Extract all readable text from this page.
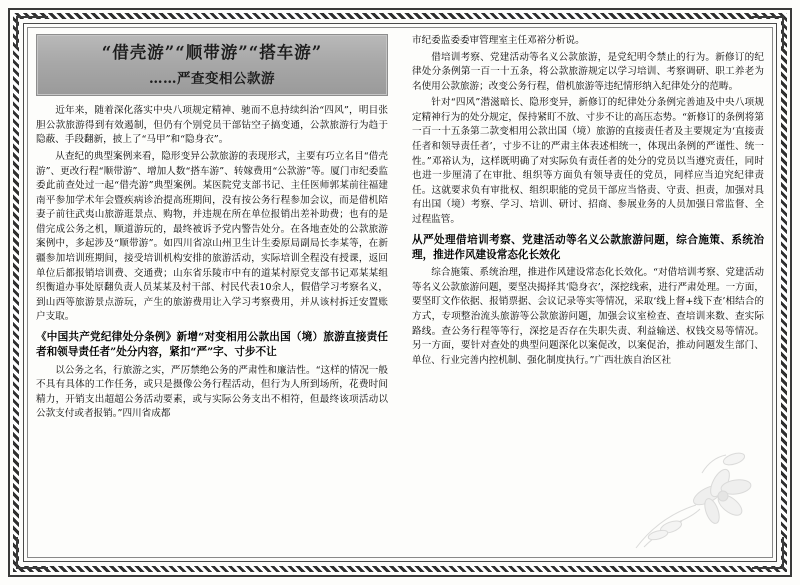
“借壳游”“顺带游”“搭车游”
……严查变相公款游

近年来，随着深化落实中央八项规定精神、驰而不息持续纠治“四风”，明目张胆公款旅游得到有效遏制，但仍有个别党员干部钻空子搞变通，公款旅游行为趋于隐蔽、手段翻新，披上了“马甲”和“隐身衣”。

从查纪的典型案例来看，隐形变异公款旅游的表现形式，主要有巧立名目“借壳游”、更改行程“顺带游”、增加人数“搭车游”、转嫁费用“公款游”等。厦门市纪委监委此前查处过一起“借壳游”典型案例。某医院党支部书记、主任医师郭某前往福建南平参加学术年会暨疾病诊治提高班期间，没有按公务行程参加会议，而是借机陪妻子前往武夷山旅游逛景点、购物，并违规在所在单位报销出差补助费；也有的是借完成公务之机，顺道游玩的，最终被诉予党内警告处分。在各地查处的公款旅游案例中，多起涉及“顺带游”。如四川省凉山州卫生计生委原局副局长李某等，在新疆参加培训班期间，接受培训机构安排的旅游活动，实际培训全程没有授课，返回单位后都报销培训费、交通费；山东省乐陵市中有的道某村原党支部书记邓某某组织衡道办事处原翻负责人员某某及村干部、村民代表10余人，假借学习考察名义，到山西等旅游景点游玩，产生的旅游费用让入学习考察费用，并从该村拆迁安置账户支取。

《中国共产党纪律处分条例》新增“对变相用公款出国（境）旅游直接责任者和领导责任者”处分内容，紧扣“严”字、寸步不让

以公务之名，行旅游之实，严厉禁绝公务的严肃性和廉洁性。“这样的情况一般不具有具体的工作任务，或只是摄像公务行程活动，但行为人所到场所，花费时间精力，开销支出超超公务活动要素，或与实际公务支出不相符，但最终该项活动以公款支付或者报销。”四川省成都

市纪委监委委审管理室主任邓裕分析说。

借培训考察、党建活动等名义公款旅游，是党纪明令禁止的行为。新修订的纪律处分条例第一百一十五条，将公款旅游规定以学习培训、考察调研、职工养老为名使用公款旅游；改变公务行程，借机旅游等违纪情形纳入纪律处分的范畴。

针对“四风”潜滋暗长、隐形变异，新修订的纪律处分条例完善迪及中央八项规定精神行为的处分规定，保持紧盯不放、寸步不让的高压态势。“新修订的条例将第一百一十五条第二款变相用公款出国（境）旅游的直接责任者及主要规定为‘直接责任者和领导责任者’，寸步不让的严肃主体表述相统一，体现出条例的严谨性、统一性。”邓裕认为，这样既明确了对实际负有责任者的处分的党员以当遵究责任，同时也进一步厘清了在审批、组织等方面负有领导责任的党员，同样应当迫究纪律责任。这就要求负有审批权、组织职能的党员干部应当恪责、守责、担责，加强对具有出国（境）考察、学习、培训、研讨、招商、参展业务的人员加强日常监督、全过程监管。

从严处理借培训考察、党建活动等名义公款旅游问题，综合施策、系统治理，推进作风建设常态化长效化

综合施策、系统治理，推进作风建设常态化长效化。“对借培训考察、党建活动等名义公款旅游问题，要坚决揭择其‘隐身衣’，深挖线索，进行严肃处理。一方面，要坚盯文作依据、报销票据、会议记录等实等情况，采取‘线上督+线下查’相结合的方式，专项整治流头旅游等公款旅游问题，加强会议室检查、查培训来数、查实际路线。查公务行程等等行，深挖是否存在失职失责、利益输送、权钱交易等情况。另一方面，要针对查处的典型问题深化以案促改，以案促治，推动问题发生部门、单位、行业完善内控机制、强化制度执行。”广西壮族自治区社
